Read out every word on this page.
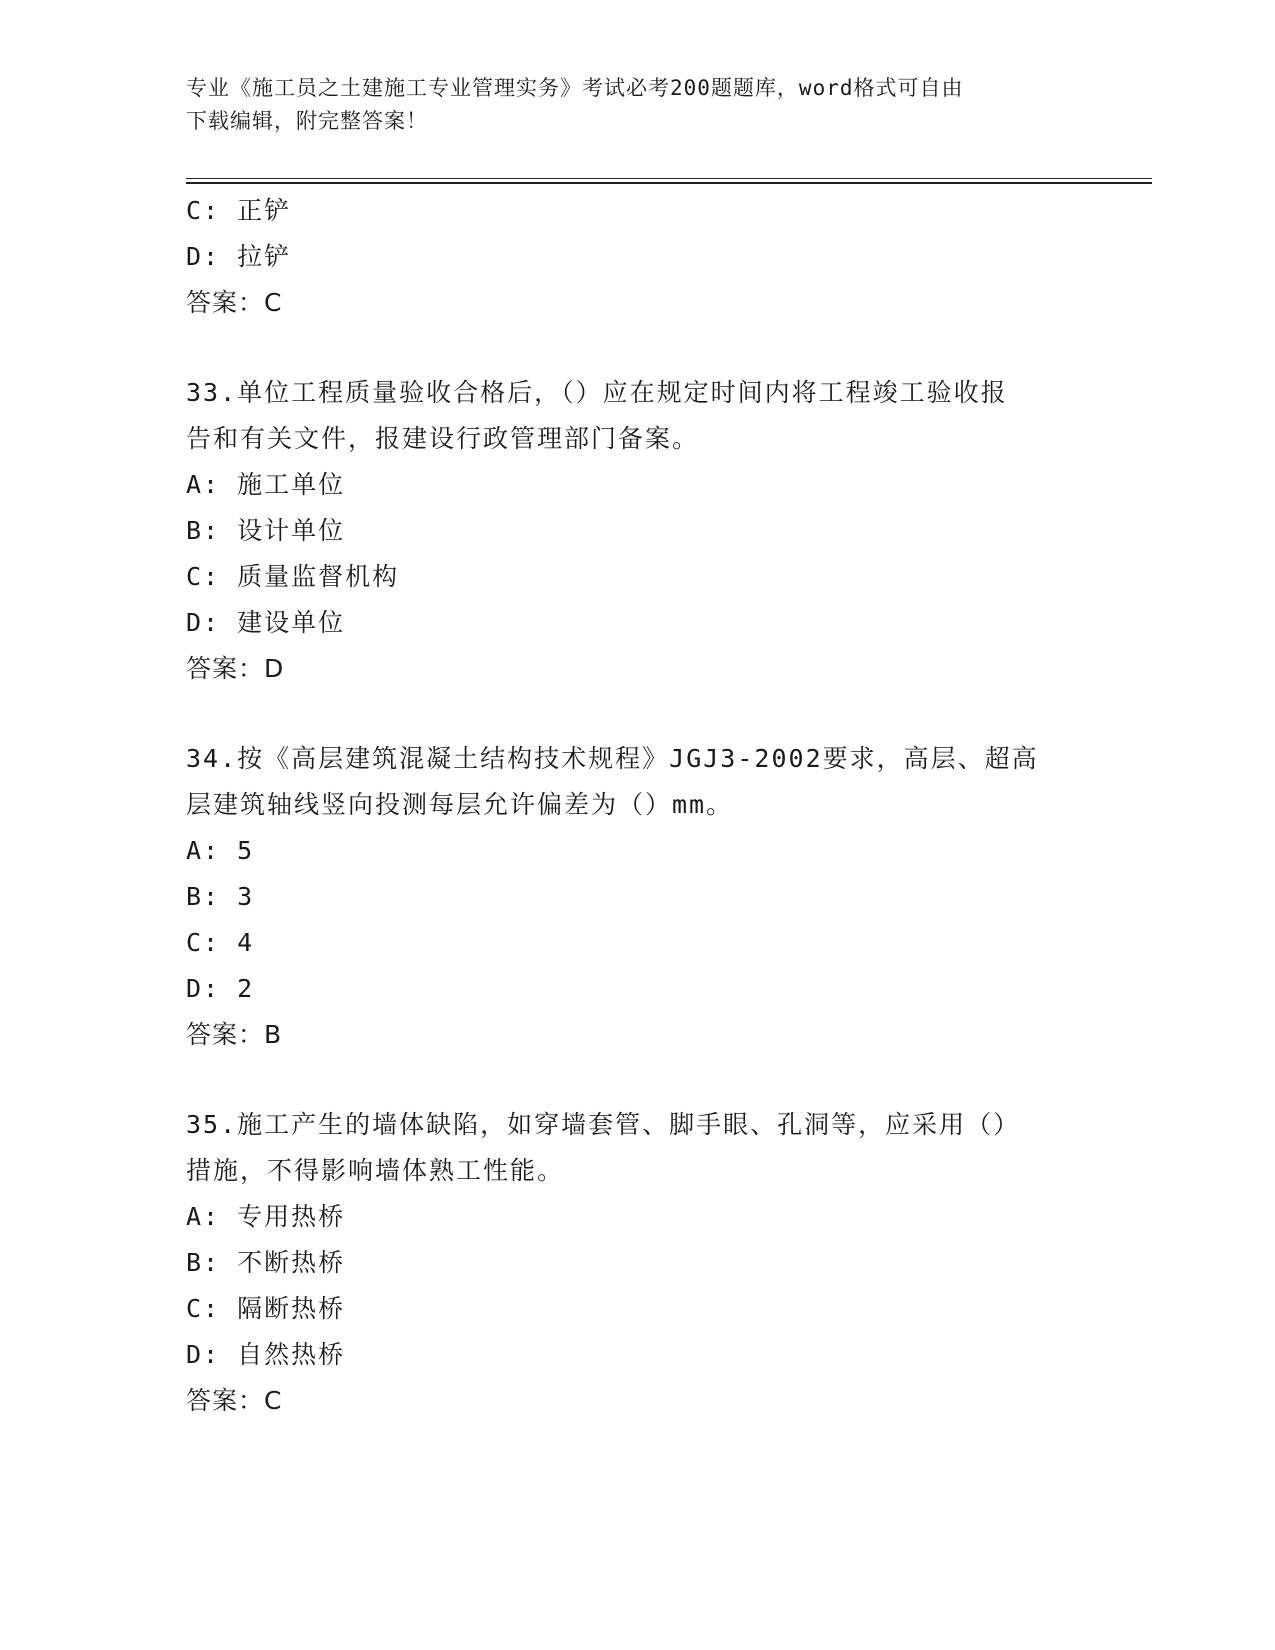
专业《施工员之土建施工专业管理实务》考试必考200题题库，word格式可自由
下载编辑，附完整答案！
C: 正铲
D: 拉铲
答案：C
33.单位工程质量验收合格后，（）应在规定时间内将工程竣工验收报
告和有关文件，报建设行政管理部门备案。
A: 施工单位
B: 设计单位
C: 质量监督机构
D: 建设单位
答案：D
34.按《高层建筑混凝土结构技术规程》JGJ3-2002要求，高层、超高
层建筑轴线竖向投测每层允许偏差为（）mm。
A: 5
B: 3
C: 4
D: 2
答案：B
35.施工产生的墙体缺陷，如穿墙套管、脚手眼、孔洞等，应采用（）
措施，不得影响墙体熟工性能。
A: 专用热桥
B: 不断热桥
C: 隔断热桥
D: 自然热桥
答案：C
